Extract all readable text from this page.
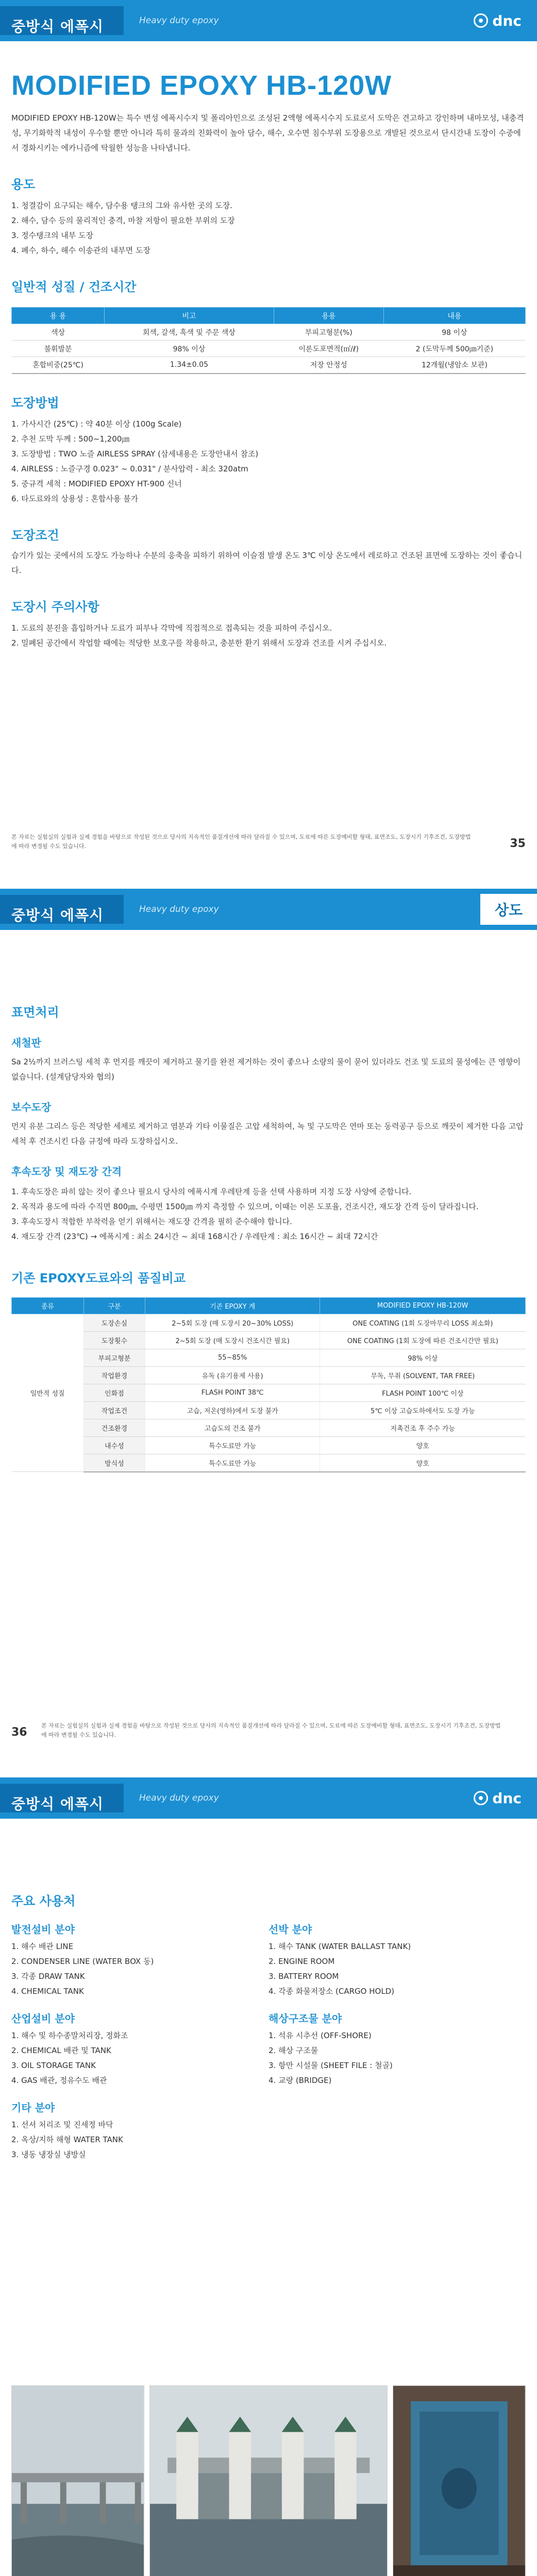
중방식 에폭시	Heavy duty epoxy	dnc
MODIFIED EPOXY HB-120W

MODIFIED EPOXY HB-120W는 특수 변성 에폭시수지 및 폴리아민으로 조성된 2액형 에폭시수지 도료로서 도막은 견고하고 강인하며 내마모성, 내충격성, 무기화학적 내성이 우수할 뿐만 아니라 특히 물과의 친화력이 높아 담수, 해수, 오수면 침수부위 도장용으로 개발된 것으로서 단시간내 도장이 수중에서 경화시키는 에카니즘에 탁월한 성능을 나타냅니다.

용도
1. 청결감이 요구되는 해수, 담수용 탱크의 그와 유사한 곳의 도장.
2. 해수, 담수 등의 물리적인 충격, 마찰 저항이 필요한 부위의 도장
3. 정수탱크의 내부 도장
4. 폐수, 하수, 해수 이송관의 내부면 도장
일반적 성질 / 건조시간
용 용	비고	용용	내용
색상	회색, 갈색, 흑색 및 주문 색상	부피고형분(%)	98 이상
불휘발분	98% 이상	이론도포면적(㎡/ℓ)	2 (도막두께 500㎛기준)
혼합비중(25℃)	1.34±0.05	저장 안정성	12개월(냉암소 보관)
도장방법
1. 가사시간 (25℃) : 약 40분 이상 (100g Scale)
2. 추천 도막 두께 : 500~1,200㎛
3. 도장방법 : TWO 노즐 AIRLESS SPRAY (삼세내용은 도장안내서 참조)
4. AIRLESS : 노즐구경 0.023" ~ 0.031" / 분사압력 - 최소 320atm
5. 중규격 세척 : MODIFIED EPOXY HT-900 신너
6. 타도료와의 상용성 : 혼합사용 불가
도장조건

습기가 있는 곳에서의 도장도 가능하나 수분의 응축을 피하기 위하여 이슬점 발생 온도 3℃ 이상 온도에서 레로하고 건조된 표면에 도장하는 것이 좋습니다.

도장시 주의사항
1. 도료의 분진을 흡입하거나 도료가 피부나 각막에 직접적으로 접촉되는 것을 피하여 주십시오.
2. 밀폐된 공간에서 작업할 때에는 적당한 보호구를 착용하고, 충분한 환기 위해서 도장과 건조를 시켜 주십시오.

본 자료는 실험실의 실험과 실제 경험을 바탕으로 작성된 것으로 당사의 지속적인 품질개선에 따라 달라질 수 있으며, 도료에 따른 도장예비할 형태, 표면조도, 도장시기 기후조건, 도장방법에 따라 변경될 수도 있습니다.	35
중방식 에폭시	Heavy duty epoxy	상도
표면처리
새철판

Sa 2½까지 브러스팅 세척 후 먼지를 깨끗이 제거하고 물기를 완전 제거하는 것이 좋으나 소량의 물이 묻어 있더라도 건조 및 도료의 물성에는 큰 영향이 없습니다. (설계담당자와 협의)

보수도장

먼지 유분 그리스 등은 적당한 세제로 제거하고 염분과 기타 이물질은 고압 세척하여, 녹 및 구도막은 연마 또는 동력공구 등으로 깨끗이 제거한 다음 고압 세척 후 건조시킨 다음 규정에 따라 도장하십시오.

후속도장 및 재도장 간격
1. 후속도장은 파히 않는 것이 좋으나 필요시 당사의 에폭시계 우레탄계 등을 선택 사용하며 지정 도장 사양에 준합니다.
2. 목적과 용도에 따라 수직면 800㎛, 수평면 1500㎛ 까지 측정할 수 있으며, 이때는 이론 도포율, 건조시간, 재도장 간격 등이 달라집니다.
3. 후속도장시 적합한 부착력을 얻기 위해서는 재도장 간격을 필히 준수해야 합니다.
4. 재도장 간격 (23℃) → 에폭시계 : 최소 24시간 ~ 최대 168시간 / 우레탄계 : 최소 16시간 ~ 최대 72시간
기존 EPOXY도료와의 품질비교
종류	구분	기존 EPOXY 계	MODIFIED EPOXY HB-120W
일반적 성질	도장손실	2~5회 도장 (매 도장시 20~30% LOSS)	ONE COATING (1회 도장마무리 LOSS 최소화)
	도장횟수	2~5회 도장 (매 도장시 건조시간 필요)	ONE COATING (1회 도장에 따른 건조시간만 필요)
	부피고형분	55~85%	98% 이상
	작업환경	유독 (유기용제 사용)	무독, 무취 (SOLVENT, TAR FREE)
	인화점	FLASH POINT 38℃	FLASH POINT 100℃ 이상
	작업조건	고습, 저온(영하)에서 도장 불가	5℃ 이상 고습도하에서도 도장 가능
	건조환경	고습도의 건조 불가	지촉건조 후 주수 가능
	내수성	특수도료만 가능	양호
	방식성	특수도료만 가능	양호
36

본 자료는 실험실의 실험과 실제 경험을 바탕으로 작성된 것으로 당사의 지속적인 품질개선에 따라 달라질 수 있으며, 도료에 따른 도장예비할 형태, 표면조도, 도장시기 기후조건, 도장방법에 따라 변경될 수도 있습니다.

중방식 에폭시	Heavy duty epoxy	dnc
주요 사용처
발전설비 분야
1. 해수 배관 LINE
2. CONDENSER LINE (WATER BOX 동)
3. 각종 DRAW TANK
4. CHEMICAL TANK
산업설비 분야
1. 해수 및 하수종말처리장, 정화조
2. CHEMICAL 배관 및 TANK
3. OIL STORAGE TANK
4. GAS 배관, 정유수도 배관
기타 분야
1. 선셔 처리조 및 진세정 바닥
2. 옥상/지하 해형 WATER TANK
3. 냉동 냉장실 냉방실
선박 분야
1. 해수 TANK (WATER BALLAST TANK)
2. ENGINE ROOM
3. BATTERY ROOM
4. 각종 화물저장소 (CARGO HOLD)
해상구조물 분야
1. 석유 시추선 (OFF-SHORE)
2. 해상 구조물
3. 항만 시설물 (SHEET FILE : 철골)
4. 교량 (BRIDGE)
